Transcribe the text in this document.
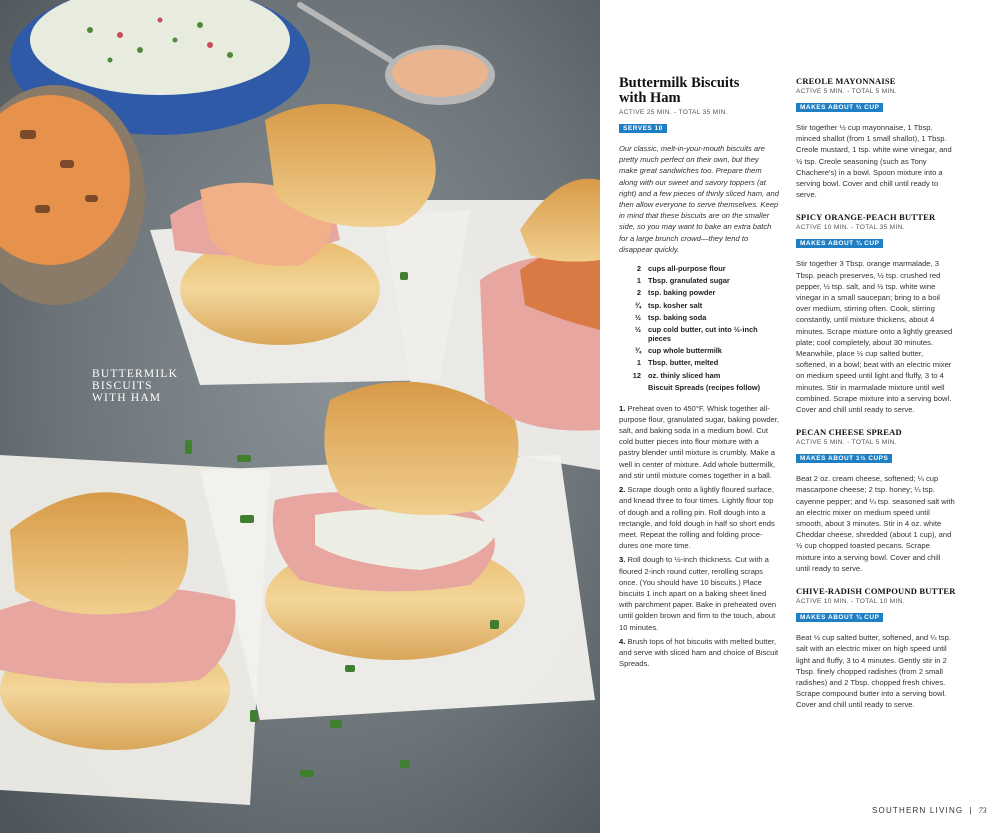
BUTTERMILK
BISCUITS
WITH HAM
Buttermilk Biscuits
with Ham
ACTIVE 25 MIN. - TOTAL 35 MIN.
SERVES 10
Our classic, melt-in-your-mouth biscuits are pretty much perfect on their own, but they make great sandwiches too. Prepare them along with our sweet and savory toppers (at right) and a few pieces of thinly sliced ham, and then allow everyone to serve themselves. Keep in mind that these biscuits are on the smaller side, so you may want to bake an extra batch for a large brunch crowd—they tend to disappear quickly.
2 cups all-purpose flour
1 Tbsp. granulated sugar
2 tsp. baking powder
¾ tsp. kosher salt
½ tsp. baking soda
½ cup cold butter, cut into ½-inch pieces
¾ cup whole buttermilk
1 Tbsp. butter, melted
12 oz. thinly sliced ham
Biscuit Spreads (recipes follow)
1. Preheat oven to 450°F. Whisk together all-purpose flour, granulated sugar, baking powder, salt, and baking soda in a medium bowl. Cut cold butter pieces into flour mixture with a pastry blender until mixture is crumbly. Make a well in center of mixture. Add whole buttermilk, and stir until mixture comes together in a ball.
2. Scrape dough onto a lightly floured surface, and knead three to four times. Lightly flour top of dough and a rolling pin. Roll dough into a rectangle, and fold dough in half so short ends meet. Repeat the rolling and folding proce-dures one more time.
3. Roll dough to ½-inch thickness. Cut with a floured 2-inch round cutter, rerolling scraps once. (You should have 10 biscuits.) Place biscuits 1 inch apart on a baking sheet lined with parchment paper. Bake in preheated oven until golden brown and firm to the touch, about 10 minutes.
4. Brush tops of hot biscuits with melted butter, and serve with sliced ham and choice of Biscuit Spreads.
CREOLE MAYONNAISE
ACTIVE 5 MIN. - TOTAL 5 MIN.
MAKES ABOUT ⅔ CUP
Stir together ½ cup mayonnaise, 1 Tbsp. minced shallot (from 1 small shallot), 1 Tbsp. Creole mustard, 1 tsp. white wine vinegar, and ½ tsp. Creole seasoning (such as Tony Chachere's) in a bowl. Spoon mixture into a serving bowl. Cover and chill until ready to serve.
SPICY ORANGE-PEACH BUTTER
ACTIVE 10 MIN. - TOTAL 35 MIN.
MAKES ABOUT ¾ CUP
Stir together 3 Tbsp. orange marmalade, 3 Tbsp. peach preserves, ½ tsp. crushed red pepper, ½ tsp. salt, and ½ tsp. white wine vinegar in a small saucepan; bring to a boil over medium, stirring often. Cook, stirring constantly, until mixture thickens, about 4 minutes. Scrape mixture onto a lightly greased plate; cool completely, about 30 minutes. Meanwhile, place ½ cup salted butter, softened, in a bowl; beat with an electric mixer on medium speed until light and fluffy, 3 to 4 minutes. Stir in marmalade mixture until well combined. Scrape mixture into a serving bowl. Cover and chill until ready to serve.
PECAN CHEESE SPREAD
ACTIVE 5 MIN. - TOTAL 5 MIN.
MAKES ABOUT 1½ CUPS
Beat 2 oz. cream cheese, softened; ¼ cup mascarpone cheese; 2 tsp. honey; ¼ tsp. cayenne pepper; and ¼ tsp. seasoned salt with an electric mixer on medium speed until smooth, about 3 minutes. Stir in 4 oz. white Cheddar cheese, shredded (about 1 cup), and ½ cup chopped toasted pecans. Scrape mixture into a serving bowl. Cover and chill until ready to serve.
CHIVE-RADISH COMPOUND BUTTER
ACTIVE 10 MIN. - TOTAL 10 MIN.
MAKES ABOUT ¾ CUP
Beat ½ cup salted butter, softened, and ¼ tsp. salt with an electric mixer on high speed until light and fluffy, 3 to 4 minutes. Gently stir in 2 Tbsp. finely chopped radishes (from 2 small radishes) and 2 Tbsp. chopped fresh chives. Scrape compound butter into a serving bowl. Cover and chill until ready to serve.
SOUTHERN LIVING | 73
